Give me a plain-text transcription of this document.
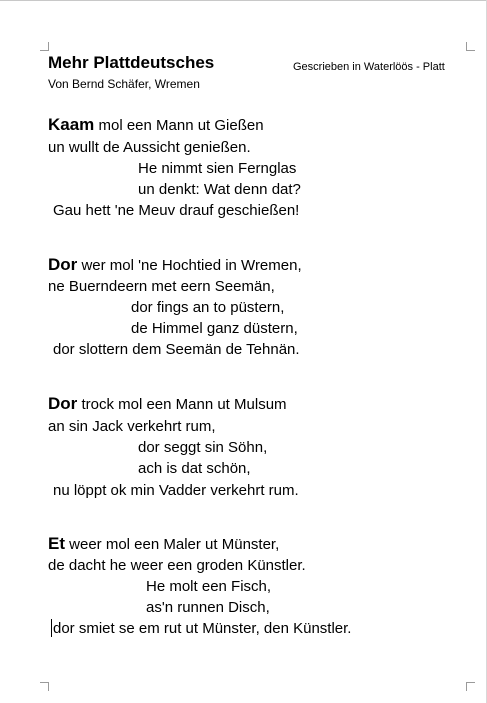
Mehr Plattdeutsches
Von Bernd Schäfer, Wremen
Gescrieben in Waterlöös - Platt
Kaam mol een Mann ut Gießen
un wullt de Aussicht genießen.
He nimmt sien Fernglas
un denkt: Wat denn dat?
Gau hett 'ne Meuv drauf geschießen!
Dor wer mol 'ne Hochtied in Wremen,
ne Buerndeern met eern Seemän,
dor fings an to püstern,
de Himmel ganz düstern,
dor slottern dem Seemän de Tehnän.
Dor trock mol een Mann ut Mulsum
an sin Jack verkehrt rum,
dor seggt sin Söhn,
ach is dat schön,
nu löppt ok min Vadder verkehrt rum.
Et weer mol een Maler ut Münster,
de dacht he weer een groden Künstler.
He molt een Fisch,
as'n runnen Disch,
dor smiet se em rut ut Münster, den Künstler.
